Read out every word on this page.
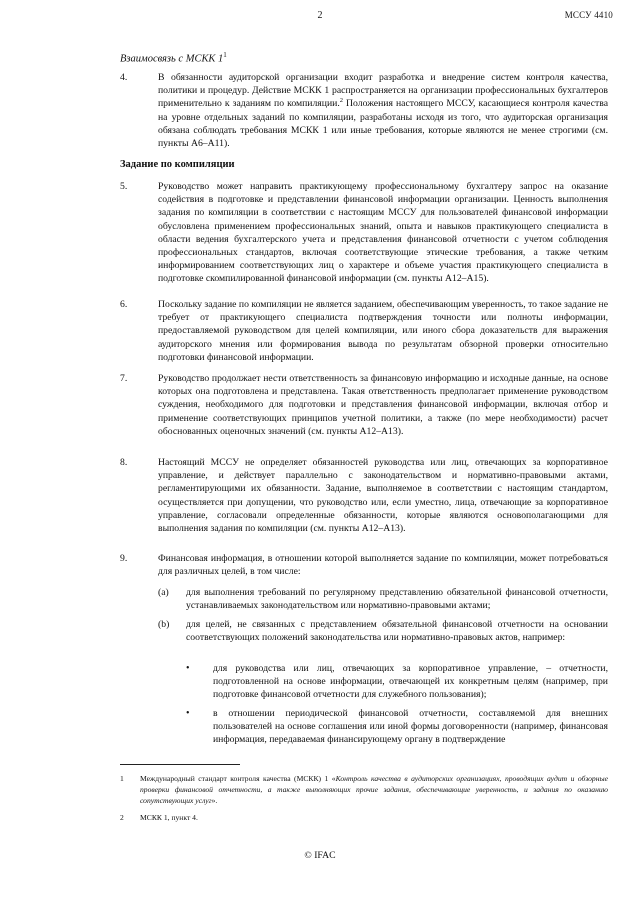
2	МССУ 4410
Взаимосвязь с МСКК $1^1$
4.	В обязанности аудиторской организации входит разработка и внедрение систем контроля качества, политики и процедур. Действие МСКК 1 распространяется на организации профессиональных бухгалтеров применительно к заданиям по компиляции.$^2$ Положения настоящего МССУ, касающиеся контроля качества на уровне отдельных заданий по компиляции, разработаны исходя из того, что аудиторская организация обязана соблюдать требования МСКК 1 или иные требования, которые являются не менее строгими (см. пункты А6–А11).
Задание по компиляции
5.	Руководство может направить практикующему профессиональному бухгалтеру запрос на оказание содействия в подготовке и представлении финансовой информации организации. Ценность выполнения задания по компиляции в соответствии с настоящим МССУ для пользователей финансовой информации обусловлена применением профессиональных знаний, опыта и навыков практикующего специалиста в области ведения бухгалтерского учета и представления финансовой отчетности с учетом соблюдения профессиональных стандартов, включая соответствующие этические требования, а также четким информированием соответствующих лиц о характере и объеме участия практикующего специалиста в подготовке скомпилированной финансовой информации (см. пункты А12–А15).
6.	Поскольку задание по компиляции не является заданием, обеспечивающим уверенность, то такое задание не требует от практикующего специалиста подтверждения точности или полноты информации, предоставляемой руководством для целей компиляции, или иного сбора доказательств для выражения аудиторского мнения или формирования вывода по результатам обзорной проверки относительно подготовки финансовой информации.
7.	Руководство продолжает нести ответственность за финансовую информацию и исходные данные, на основе которых она подготовлена и представлена. Такая ответственность предполагает применение руководством суждения, необходимого для подготовки и представления финансовой информации, включая отбор и применение соответствующих принципов учетной политики, а также (по мере необходимости) расчет обоснованных оценочных значений (см. пункты А12–А13).
8.	Настоящий МССУ не определяет обязанностей руководства или лиц, отвечающих за корпоративное управление, и действует параллельно с законодательством и нормативно-правовыми актами, регламентирующими их обязанности. Задание, выполняемое в соответствии с настоящим стандартом, осуществляется при допущении, что руководство или, если уместно, лица, отвечающие за корпоративное управление, согласовали определенные обязанности, которые являются основополагающими для выполнения задания по компиляции (см. пункты А12–А13).
9.	Финансовая информация, в отношении которой выполняется задание по компиляции, может потребоваться для различных целей, в том числе:
(a) для выполнения требований по регулярному представлению обязательной финансовой отчетности, устанавливаемых законодательством или нормативно-правовыми актами;
(b) для целей, не связанных с представлением обязательной финансовой отчетности на основании соответствующих положений законодательства или нормативно-правовых актов, например:
• для руководства или лиц, отвечающих за корпоративное управление, – отчетности, подготовленной на основе информации, отвечающей их конкретным целям (например, при подготовке финансовой отчетности для служебного пользования);
• в отношении периодической финансовой отчетности, составляемой для внешних пользователей на основе соглашения или иной формы договоренности (например, финансовая информация, передаваемая финансирующему органу в подтверждение
1 Международный стандарт контроля качества (МСКК) 1 «Контроль качества в аудиторских организациях, проводящих аудит и обзорные проверки финансовой отчетности, а также выполняющих прочие задания, обеспечивающие уверенность, и задания по оказанию сопутствующих услуг».
2 МСКК 1, пункт 4.
© IFAC
